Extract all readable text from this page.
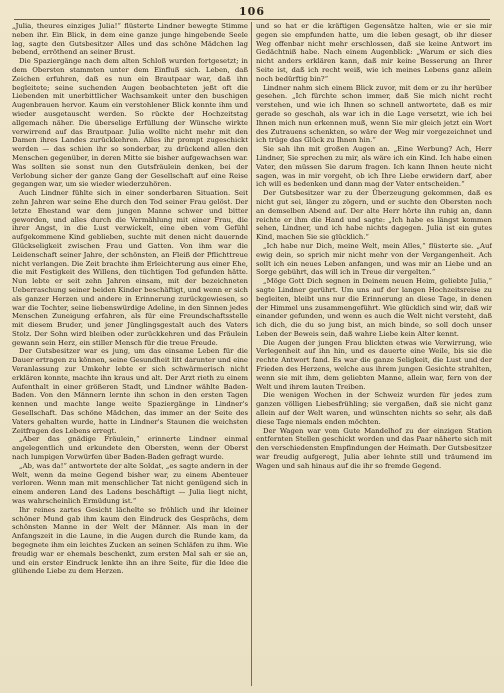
106

„Julia, theures einziges Julia!“ flüsterte Lindner bewegte Stimme neben ihr. Ein Blick, in dem eine ganze junge hingebende Seele lag, sagte den Gutsbesitzer Alles und das schöne Mädchen lag bebend, erröthend an seiner Brust.

Die Spaziergänge nach dem alten Schloß wurden fortgesetzt; in dem Obersten stammten unter dem Einfluß sich. Leben, daß Zeichen erfuhren, daß es nun ein Brautpaar war, daß ihn begleitete; seine suchenden Augen beobachteten jeßt oft die Liebenden mit unerbittlicher Wachsamkeit unter den buschigen Augenbrauen hervor. Kaum ein verstohlener Blick konnte ihm und wieder ausgetauscht werden. So rückte der Hochzeitstag allgemach näher. Die überselige Erfüllung der Wünsche wirkte verwirrend auf das Brautpaar. Julia wollte nicht mehr mit den Damen ihres Landes zurückkehren. Alles ihr prompt zugeschickt werden — das schien ihr so sonderbar, zu drückend allen den Menschen gegenüber, in deren Mitte sie bisher aufgewachsen war. Was sollten sie sonst nun den Gutsfräulein denken, bei der Verlobung sicher der ganze Gang der Gesellschaft auf eine Reise gegangen war, um sie wieder wiederzuhören.

Auch Lindner fühlte sich in einer sonderbaren Situation. Seit zehn Jahren war seine Ehe durch den Tod seiner Frau gelöst. Der letzte Ehestand war dem jungen Manne schwer und bitter geworden, und alles durch die Vermählung mit einer Frau, die ihrer Angst, in die Lust verwickelt, eine eben vom Gefühl aufgekommene Kind geblieben, suchte mit denen nicht dauernde Glückseligkeit zwischen Frau und Gatten. Von ihm war die Leidenschaft seiner Jahre, der schönsten, an Fleiß der Pflichttreue nicht verlangen. Die Zeit brachte ihm Erleichterung aus einer Ehe, die mit Festigkeit des Willens, den tüchtigen Tod gefunden hätte. Nun lebte er seit zehn Jahren einsam, mit der bezeichneten Ueberraschung seiner beiden Kinder beschäftigt, und wenn er sich als ganzer Herzen und andere in Erinnerung zurückgewiesen, so war die Tochter, seine liebenswürdige Adeline, in den Sinnen jedes Menschen Zuneigung erfahren, als für eine Freundschaftsstelle mit diesem Bruder, und jener Jünglingsgestalt auch des Vaters Stolz. Der Sohn wird bleiben oder zurückkehren und das Fräulein gewann sein Herz, ein stiller Mensch für die treue Freude.

Der Gutsbesitzer war es jung, um das einsame Leben für die Dauer ertragen zu können, seine Gesundheit litt darunter und eine Veranlassung zur Umkehr lebte er sich schwärmerisch nicht erklären konnte, machte ihn kraus und alt. Der Arzt rieth zu einem Aufenthalt in einer größeren Stadt, und Lindner wählte Baden-Baden. Von den Männern lernte ihn schon in den ersten Tagen kennen und machte lange weite Spaziergänge in Lindner's Gesellschaft. Das schöne Mädchen, das immer an der Seite des Vaters gehalten wurde, hatte in Lindner's Staunen die weichsten Zeitfragen des Lebens erregt.

„Aber das gnädige Fräulein,“ erinnerte Lindner einmal angelegentlich und erkundete den Obersten, wenn der Oberst nach lumpigen Vorwürfen über Baden-Baden gefragt wurde.

„Ab, was da!“ antwortete der alte Soldat, „es sagte andern in der Welt, wenn da meine Gegend bisher war, zu einem Abenteuer verloren. Wenn man mit menschlicher Tat nicht genügend sich in einem anderen Land des Ladens beschäftigt — Julia liegt nicht, was wahrscheinlich Ermüdung ist.“

Ihr reines zartes Gesicht lächelte so fröhlich und ihr kleiner schöner Mund gab ihm kaum den Eindruck des Gesprächs, dem schönsten Manne in der Welt der Männer. Als man in der Anfangszeit in die Laune, in die Augen durch die Runde kam, da begegnete ihm ein leichtes Zucken an seinen Schläfen zu ihm. Wie freudig war er ehemals beschenkt, zum ersten Mal sah er sie an, und ein erster Eindruck lenkte ihn an ihre Seite, für die Idee die glühende Liebe zu dem Herzen.

und so hat er die kräftigen Gegensätze halten, wie er sie mir gegen sie empfunden hatte, um die leben gesagt, ob ihr dieser Weg offenbar nicht mehr erschlossen, daß sie keine Antwort im Gedächtniß habe. Nach einem Augenblick: „Warum er sich dies nicht anders erklären kann, daß mir keine Besserung an Ihrer Seite ist, daß ich recht weiß, wie ich meines Lebens ganz allein noch bedürftig bin?“

Lindner nahm sich einem Blick zuvor, mit dem er zu ihr herüber gesehen. „Ich fürchte schon immer, daß Sie mich nicht recht verstehen, und wie ich Ihnen so schnell antwortete, daß es mir gerade so geschah, als war ich in die Lage versetzt, wie ich bei Ihnen mich nun erkennen muß, wenn Sie mir gleich jetzt ein Wort des Zutrauens schenkten, so wäre der Weg mir vorgezeichnet und ich trüge das Glück zu Ihnen hin.“

Sie sah ihn mit großen Augen an. „Eine Werbung? Ach, Herr Lindner, Sie sprechen zu mir, als wäre ich ein Kind. Ich habe einen Vater, den müssen Sie darum fragen. Ich kann Ihnen heute nicht sagen, was in mir vorgeht, ob ich Ihre Liebe erwidern darf, aber ich will es bedenken und dann mag der Vater entscheiden.“

Der Gutsbesitzer war zu der Überzeugung gekommen, daß es nicht gut sei, länger zu zögern, und er suchte den Obersten noch an demselben Abend auf. Der alte Herr hörte ihn ruhig an, dann reichte er ihm die Hand und sagte: „Ich habe es längst kommen sehen, Lindner, und ich habe nichts dagegen. Julia ist ein gutes Kind, machen Sie sie glücklich.“

„Ich habe nur Dich, meine Welt, mein Alles,“ flüsterte sie. „Auf ewig dein, so sprich mir nicht mehr von der Vergangenheit. Ach sollt ich ein neues Leben anfangen, und was mir an Liebe und an Sorge gebührt, das will ich in Treue dir vergelten.“

„Möge Gott Dich segnen in Deinem neuen Heim, geliebte Julia,“ sagte Lindner gerührt. Um uns auf der langen Hochzeitsreise zu begleiten, bleibt uns nur die Erinnerung an diese Tage, in denen der Himmel uns zusammengeführt. Wie glücklich sind wir, daß wir einander gefunden, und wenn es auch die Welt nicht versteht, daß ich dich, die du so jung bist, an mich binde, so soll doch unser Leben der Beweis sein, daß wahre Liebe kein Alter kennt.

Die Augen der jungen Frau blickten etwas wie Verwirrung, wie Verlegenheit auf ihn hin, und es dauerte eine Weile, bis sie die rechte Antwort fand. Es war die ganze Seligkeit, die Lust und der Frieden des Herzens, welche aus ihrem jungen Gesichte strahlten, wenn sie mit ihm, dem geliebten Manne, allein war, fern von der Welt und ihrem lauten Treiben.

Die wenigen Wochen in der Schweiz wurden für jedes zum ganzen völligen Liebesfrühling; sie vergaßen, daß sie nicht ganz allein auf der Welt waren, und wünschten nichts so sehr, als daß diese Tage niemals enden möchten.

Der Wagen war vom Gute Mandelhof zu der einzigen Station entfernten Stellen geschickt worden und das Paar näherte sich mit den verschiedensten Empfindungen der Heimath. Der Gutsbesitzer war freudig aufgeregt, Julia aber lehnte still und träumend im Wagen und sah hinaus auf die ihr so fremde Gegend.
